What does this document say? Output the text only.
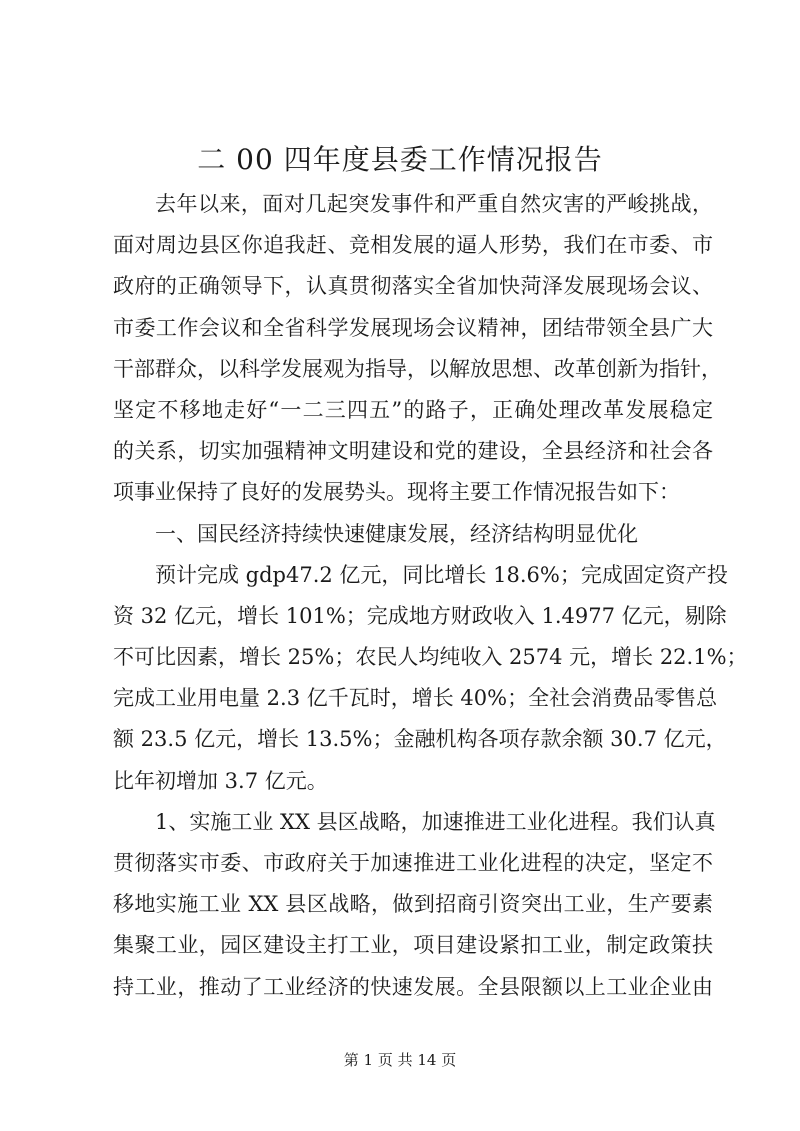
二 00 四年度县委工作情况报告
去年以来，面对几起突发事件和严重自然灾害的严峻挑战，
面对周边县区你追我赶、竞相发展的逼人形势，我们在市委、市
政府的正确领导下，认真贯彻落实全省加快菏泽发展现场会议、
市委工作会议和全省科学发展现场会议精神，团结带领全县广大
干部群众，以科学发展观为指导，以解放思想、改革创新为指针，
坚定不移地走好“一二三四五”的路子，正确处理改革发展稳定
的关系，切实加强精神文明建设和党的建设，全县经济和社会各
项事业保持了良好的发展势头。现将主要工作情况报告如下：
一、国民经济持续快速健康发展，经济结构明显优化
预计完成 gdp47.2 亿元，同比增长 18.6%；完成固定资产投
资 32 亿元，增长 101%；完成地方财政收入 1.4977 亿元，剔除
不可比因素，增长 25%；农民人均纯收入 2574 元，增长 22.1%；
完成工业用电量 2.3 亿千瓦时，增长 40%；全社会消费品零售总
额 23.5 亿元，增长 13.5%；金融机构各项存款余额 30.7 亿元，
比年初增加 3.7 亿元。
1、实施工业 XX 县区战略，加速推进工业化进程。我们认真
贯彻落实市委、市政府关于加速推进工业化进程的决定，坚定不
移地实施工业 XX 县区战略，做到招商引资突出工业，生产要素
集聚工业，园区建设主打工业，项目建设紧扣工业，制定政策扶
持工业，推动了工业经济的快速发展。全县限额以上工业企业由
第 1 页 共 14 页
